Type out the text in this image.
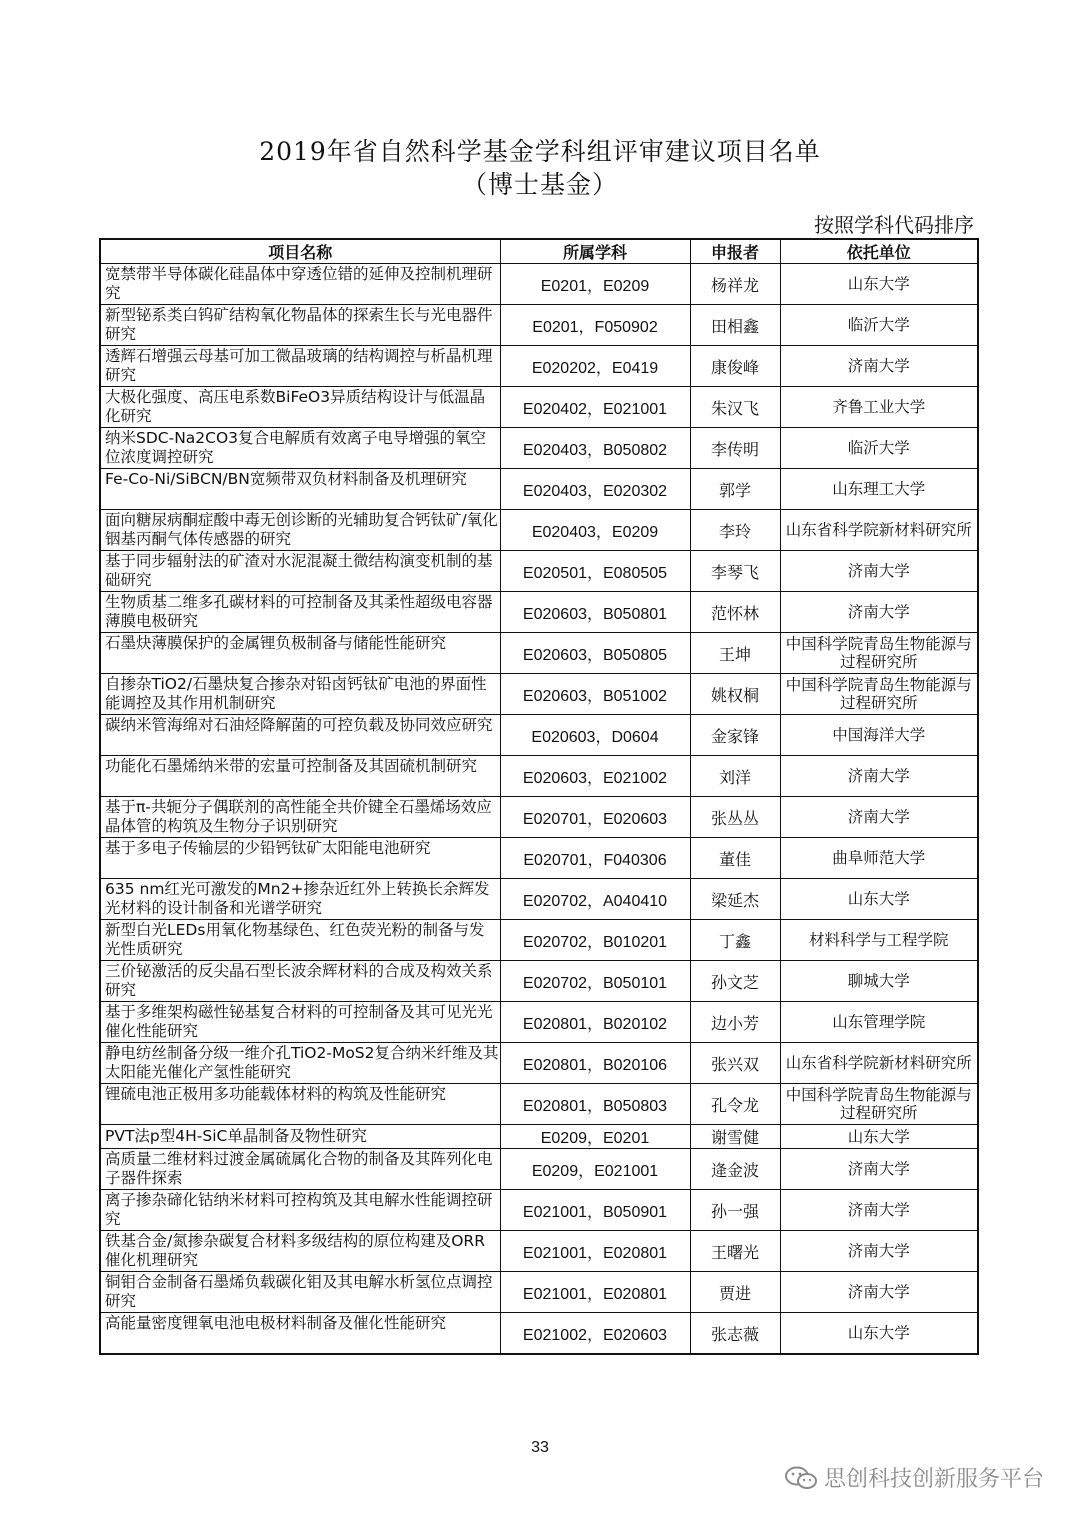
2019年省自然科学基金学科组评审建议项目名单
（博士基金）
按照学科代码排序
项目名称	所属学科	申报者	依托单位

宽禁带半导体碳化硅晶体中穿透位错的延伸及控制机理研究	E0201，E0209	杨祥龙	山东大学

新型铋系类白钨矿结构氧化物晶体的探索生长与光电器件研究	E0201，F050902	田相鑫	临沂大学

透辉石增强云母基可加工微晶玻璃的结构调控与析晶机理研究	E020202，E0419	康俊峰	济南大学

大极化强度、高压电系数BiFeO3异质结构设计与低温晶化研究	E020402，E021001	朱汉飞	齐鲁工业大学

纳米SDC-Na2CO3复合电解质有效离子电导增强的氧空位浓度调控研究	E020403，B050802	李传明	临沂大学

Fe-Co-Ni/SiBCN/BN宽频带双负材料制备及机理研究	E020403，E020302	郭学	山东理工大学

面向糖尿病酮症酸中毒无创诊断的光辅助复合钙钛矿/氧化铟基丙酮气体传感器的研究	E020403，E0209	李玲	山东省科学院新材料研究所

基于同步辐射法的矿渣对水泥混凝土微结构演变机制的基础研究	E020501，E080505	李琴飞	济南大学

生物质基二维多孔碳材料的可控制备及其柔性超级电容器薄膜电极研究	E020603，B050801	范怀林	济南大学

石墨炔薄膜保护的金属锂负极制备与储能性能研究	E020603，B050805	王坤	中国科学院青岛生物能源与过程研究所

自掺杂TiO2/石墨炔复合掺杂对铅卤钙钛矿电池的界面性能调控及其作用机制研究	E020603，B051002	姚权桐	中国科学院青岛生物能源与过程研究所

碳纳米管海绵对石油烃降解菌的可控负载及协同效应研究	E020603，D0604	金家锋	中国海洋大学

功能化石墨烯纳米带的宏量可控制备及其固硫机制研究	E020603，E021002	刘洋	济南大学

基于π-共轭分子偶联剂的高性能全共价键全石墨烯场效应晶体管的构筑及生物分子识别研究	E020701，E020603	张丛丛	济南大学

基于多电子传输层的少铅钙钛矿太阳能电池研究	E020701，F040306	董佳	曲阜师范大学

635 nm红光可激发的Mn2+掺杂近红外上转换长余辉发光材料的设计制备和光谱学研究	E020702，A040410	梁延杰	山东大学

新型白光LEDs用氧化物基绿色、红色荧光粉的制备与发光性质研究	E020702，B010201	丁鑫	材料科学与工程学院

三价铋激活的反尖晶石型长波余辉材料的合成及构效关系研究	E020702，B050101	孙文芝	聊城大学

基于多维架构磁性铋基复合材料的可控制备及其可见光光催化性能研究	E020801，B020102	边小芳	山东管理学院

静电纺丝制备分级一维介孔TiO2-MoS2复合纳米纤维及其太阳能光催化产氢性能研究	E020801，B020106	张兴双	山东省科学院新材料研究所

锂硫电池正极用多功能载体材料的构筑及性能研究	E020801，B050803	孔令龙	中国科学院青岛生物能源与过程研究所

PVT法p型4H-SiC单晶制备及物性研究	E0209，E0201	谢雪健	山东大学

高质量二维材料过渡金属硫属化合物的制备及其阵列化电子器件探索	E0209，E021001	逄金波	济南大学

离子掺杂碲化钴纳米材料可控构筑及其电解水性能调控研究	E021001，B050901	孙一强	济南大学

铁基合金/氮掺杂碳复合材料多级结构的原位构建及ORR催化机理研究	E021001，E020801	王曙光	济南大学

铜钼合金制备石墨烯负载碳化钼及其电解水析氢位点调控研究	E021001，E020801	贾进	济南大学

高能量密度锂氧电池电极材料制备及催化性能研究	E021002，E020603	张志薇	山东大学
33
思创科技创新服务平台
